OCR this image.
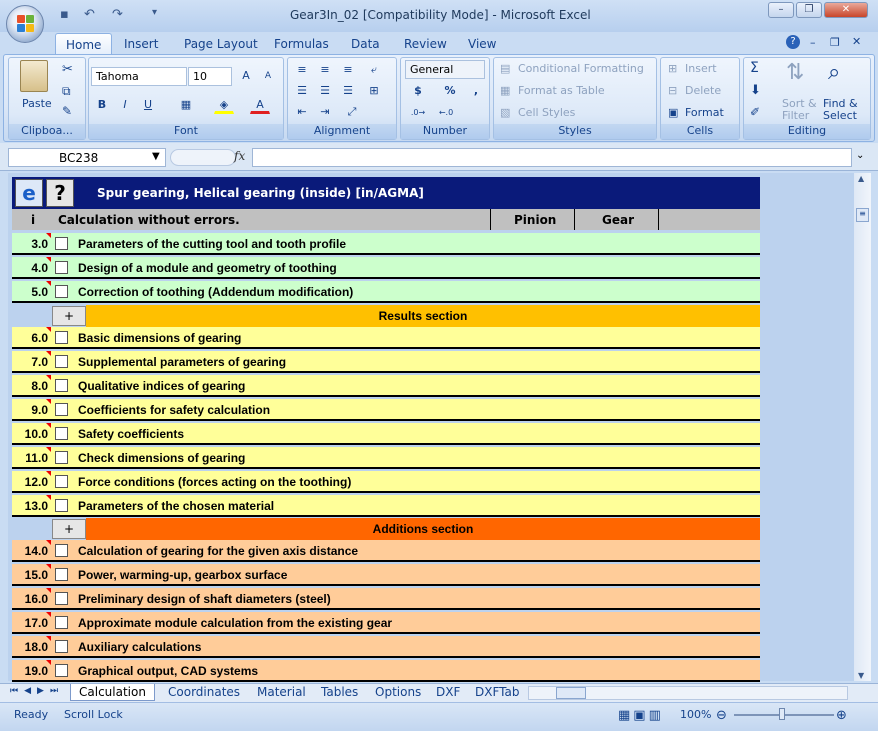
▪ ↶ ↷	▾	Gear3In_02 [Compatibility Mode] - Microsoft Excel	–	❐	✕
Home	Insert	Page Layout	Formulas	Data	Review	View	?	– ❐ ✕
Clipboa...
Paste
✂
⧉
✎
Font
Tahoma	10	A	A
B	I	U	▦	◈	A
Alignment
≡	≡	≡	⤶
☰	☰	☰	⊞
⇤	⇥	⤢
Number
General
$	%	,
.0→	←.0
Styles
▤ Conditional Formatting
▦ Format as Table
▧ Cell Styles
Cells
⊞ Insert
⊟ Delete
▣ Format
Editing
Σ
⬇
✐
⇅
Sort &
Filter
⌕
Find &
Select
BC238	▼	fx	⌄
≡
▲
▼
e ?	Spur gearing, Helical gearing (inside) [in/AGMA]
i Calculation without errors.	Pinion	Gear
3.0	Parameters of the cutting tool and tooth profile
4.0	Design of a module and geometry of toothing
5.0	Correction of toothing (Addendum modification)
+	Results section
6.0	Basic dimensions of gearing
7.0	Supplemental parameters of gearing
8.0	Qualitative indices of gearing
9.0	Coefficients for safety calculation
10.0	Safety coefficients
11.0	Check dimensions of gearing
12.0	Force conditions (forces acting on the toothing)
13.0	Parameters of the chosen material
+	Additions section
14.0	Calculation of gearing for the given axis distance
15.0	Power, warming-up, gearbox surface
16.0	Preliminary design of shaft diameters (steel)
17.0	Approximate module calculation from the existing gear
18.0	Auxiliary calculations
19.0	Graphical output, CAD systems
⏮◀▶⏭	Calculation	Coordinates	Material	Tables	Options	DXF	DXFTab
Ready Scroll Lock	▦▣▥ 100% ⊖	⊕
